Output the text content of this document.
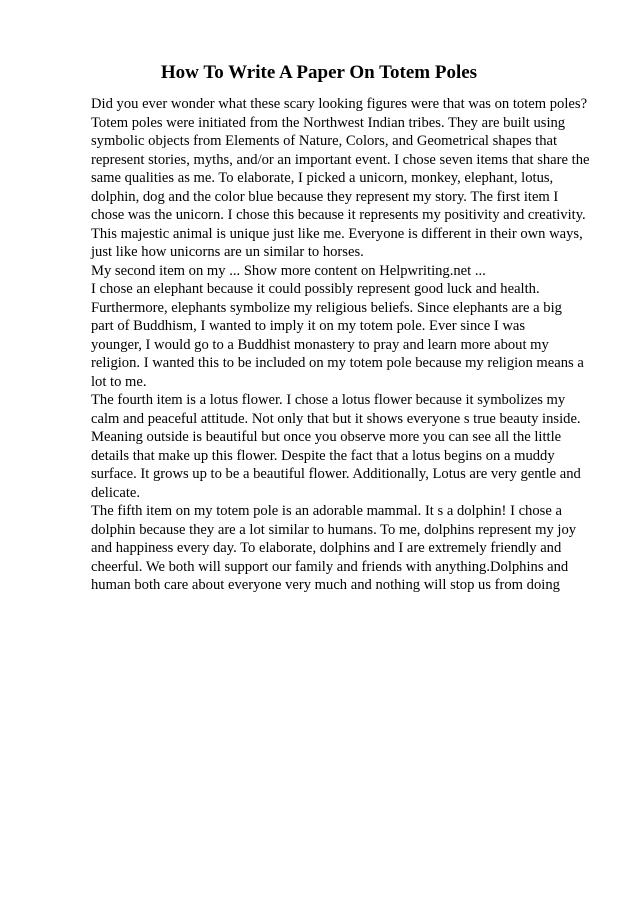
How To Write A Paper On Totem Poles
Did you ever wonder what these scary looking figures were that was on totem poles?
Totem poles were initiated from the Northwest Indian tribes. They are built using
symbolic objects from Elements of Nature, Colors, and Geometrical shapes that
represent stories, myths, and/or an important event. I chose seven items that share the
same qualities as me. To elaborate, I picked a unicorn, monkey, elephant, lotus,
dolphin, dog and the color blue because they represent my story. The first item I
chose was the unicorn. I chose this because it represents my positivity and creativity.
This majestic animal is unique just like me. Everyone is different in their own ways,
just like how unicorns are un similar to horses.
My second item on my ... Show more content on Helpwriting.net ...
I chose an elephant because it could possibly represent good luck and health.
Furthermore, elephants symbolize my religious beliefs. Since elephants are a big
part of Buddhism, I wanted to imply it on my totem pole. Ever since I was
younger, I would go to a Buddhist monastery to pray and learn more about my
religion. I wanted this to be included on my totem pole because my religion means a
lot to me.
The fourth item is a lotus flower. I chose a lotus flower because it symbolizes my
calm and peaceful attitude. Not only that but it shows everyone s true beauty inside.
Meaning outside is beautiful but once you observe more you can see all the little
details that make up this flower. Despite the fact that a lotus begins on a muddy
surface. It grows up to be a beautiful flower. Additionally, Lotus are very gentle and
delicate.
The fifth item on my totem pole is an adorable mammal. It s a dolphin! I chose a
dolphin because they are a lot similar to humans. To me, dolphins represent my joy
and happiness every day. To elaborate, dolphins and I are extremely friendly and
cheerful. We both will support our family and friends with anything.Dolphins and
human both care about everyone very much and nothing will stop us from doing
